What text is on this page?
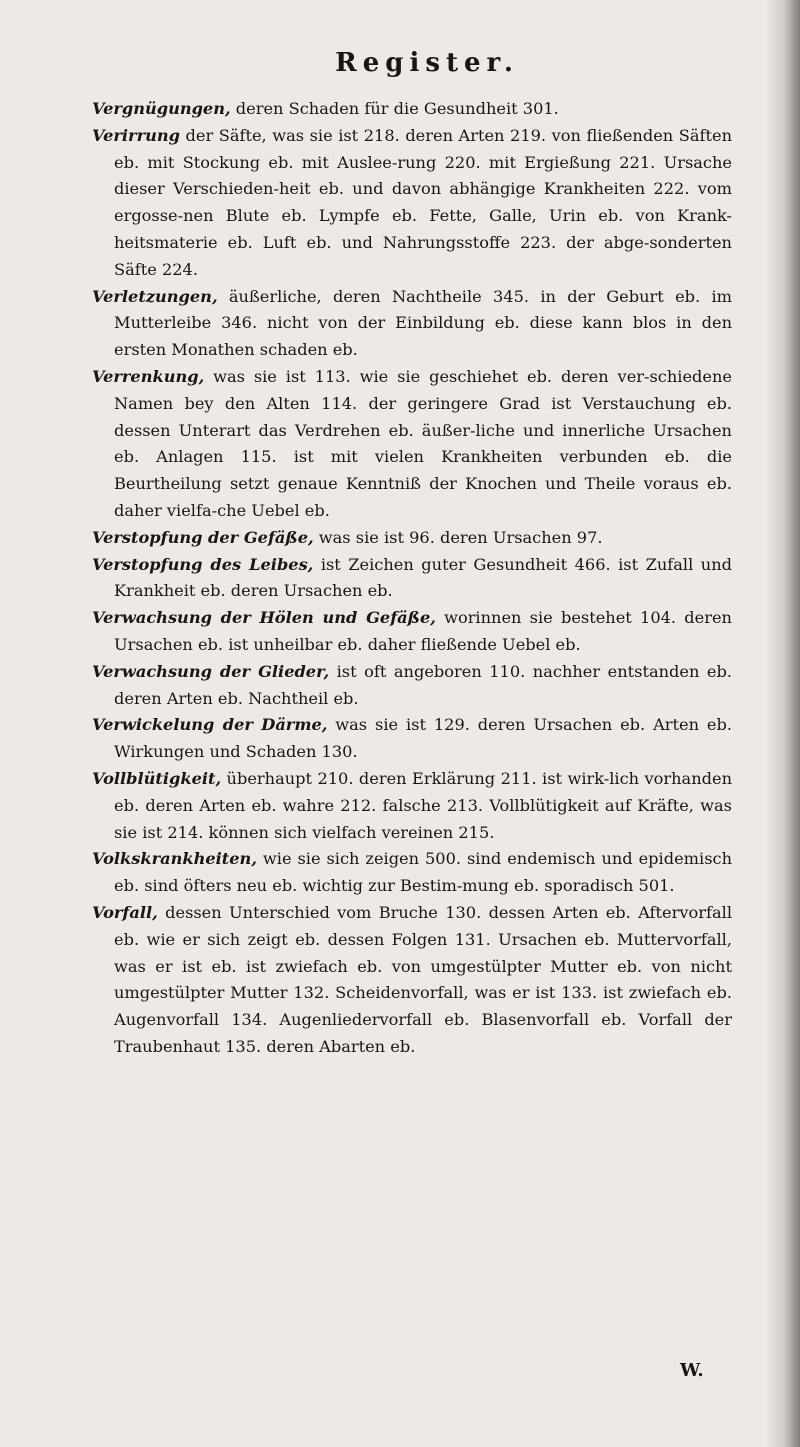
Register.

Vergnügungen, deren Schaden für die Gesundheit 301.

Verirrung der Säfte, was sie ist 218. deren Arten 219. von fließenden Säften eb. mit Stockung eb. mit Auslee-rung 220. mit Ergießung 221. Ursache dieser Verschieden-heit eb. und davon abhängige Krankheiten 222. vom ergosse-nen Blute eb. Lympfe eb. Fette, Galle, Urin eb. von Krank-heitsmaterie eb. Luft eb. und Nahrungsstoffe 223. der abge-sonderten Säfte 224.

Verletzungen, äußerliche, deren Nachtheile 345. in der Geburt eb. im Mutterleibe 346. nicht von der Einbildung eb. diese kann blos in den ersten Monathen schaden eb.

Verrenkung, was sie ist 113. wie sie geschiehet eb. deren ver-schiedene Namen bey den Alten 114. der geringere Grad ist Verstauchung eb. dessen Unterart das Verdrehen eb. äußer-liche und innerliche Ursachen eb. Anlagen 115. ist mit vielen Krankheiten verbunden eb. die Beurtheilung setzt genaue Kenntniß der Knochen und Theile voraus eb. daher vielfa-che Uebel eb.

Verstopfung der Gefäße, was sie ist 96. deren Ursachen 97.

Verstopfung des Leibes, ist Zeichen guter Gesundheit 466. ist Zufall und Krankheit eb. deren Ursachen eb.

Verwachsung der Hölen und Gefäße, worinnen sie bestehet 104. deren Ursachen eb. ist unheilbar eb. daher fließende Uebel eb.

Verwachsung der Glieder, ist oft angeboren 110. nachher entstanden eb. deren Arten eb. Nachtheil eb.

Verwickelung der Därme, was sie ist 129. deren Ursachen eb. Arten eb. Wirkungen und Schaden 130.

Vollblütigkeit, überhaupt 210. deren Erklärung 211. ist wirk-lich vorhanden eb. deren Arten eb. wahre 212. falsche 213. Vollblütigkeit auf Kräfte, was sie ist 214. können sich vielfach vereinen 215.

Volkskrankheiten, wie sie sich zeigen 500. sind endemisch und epidemisch eb. sind öfters neu eb. wichtig zur Bestim-mung eb. sporadisch 501.

Vorfall, dessen Unterschied vom Bruche 130. dessen Arten eb. Aftervorfall eb. wie er sich zeigt eb. dessen Folgen 131. Ursachen eb. Muttervorfall, was er ist eb. ist zwiefach eb. von umgestülpter Mutter eb. von nicht umgestülpter Mutter 132. Scheidenvorfall, was er ist 133. ist zwiefach eb. Augenvorfall 134. Augenliedervorfall eb. Blasenvorfall eb. Vorfall der Traubenhaut 135. deren Abarten eb.

W.
